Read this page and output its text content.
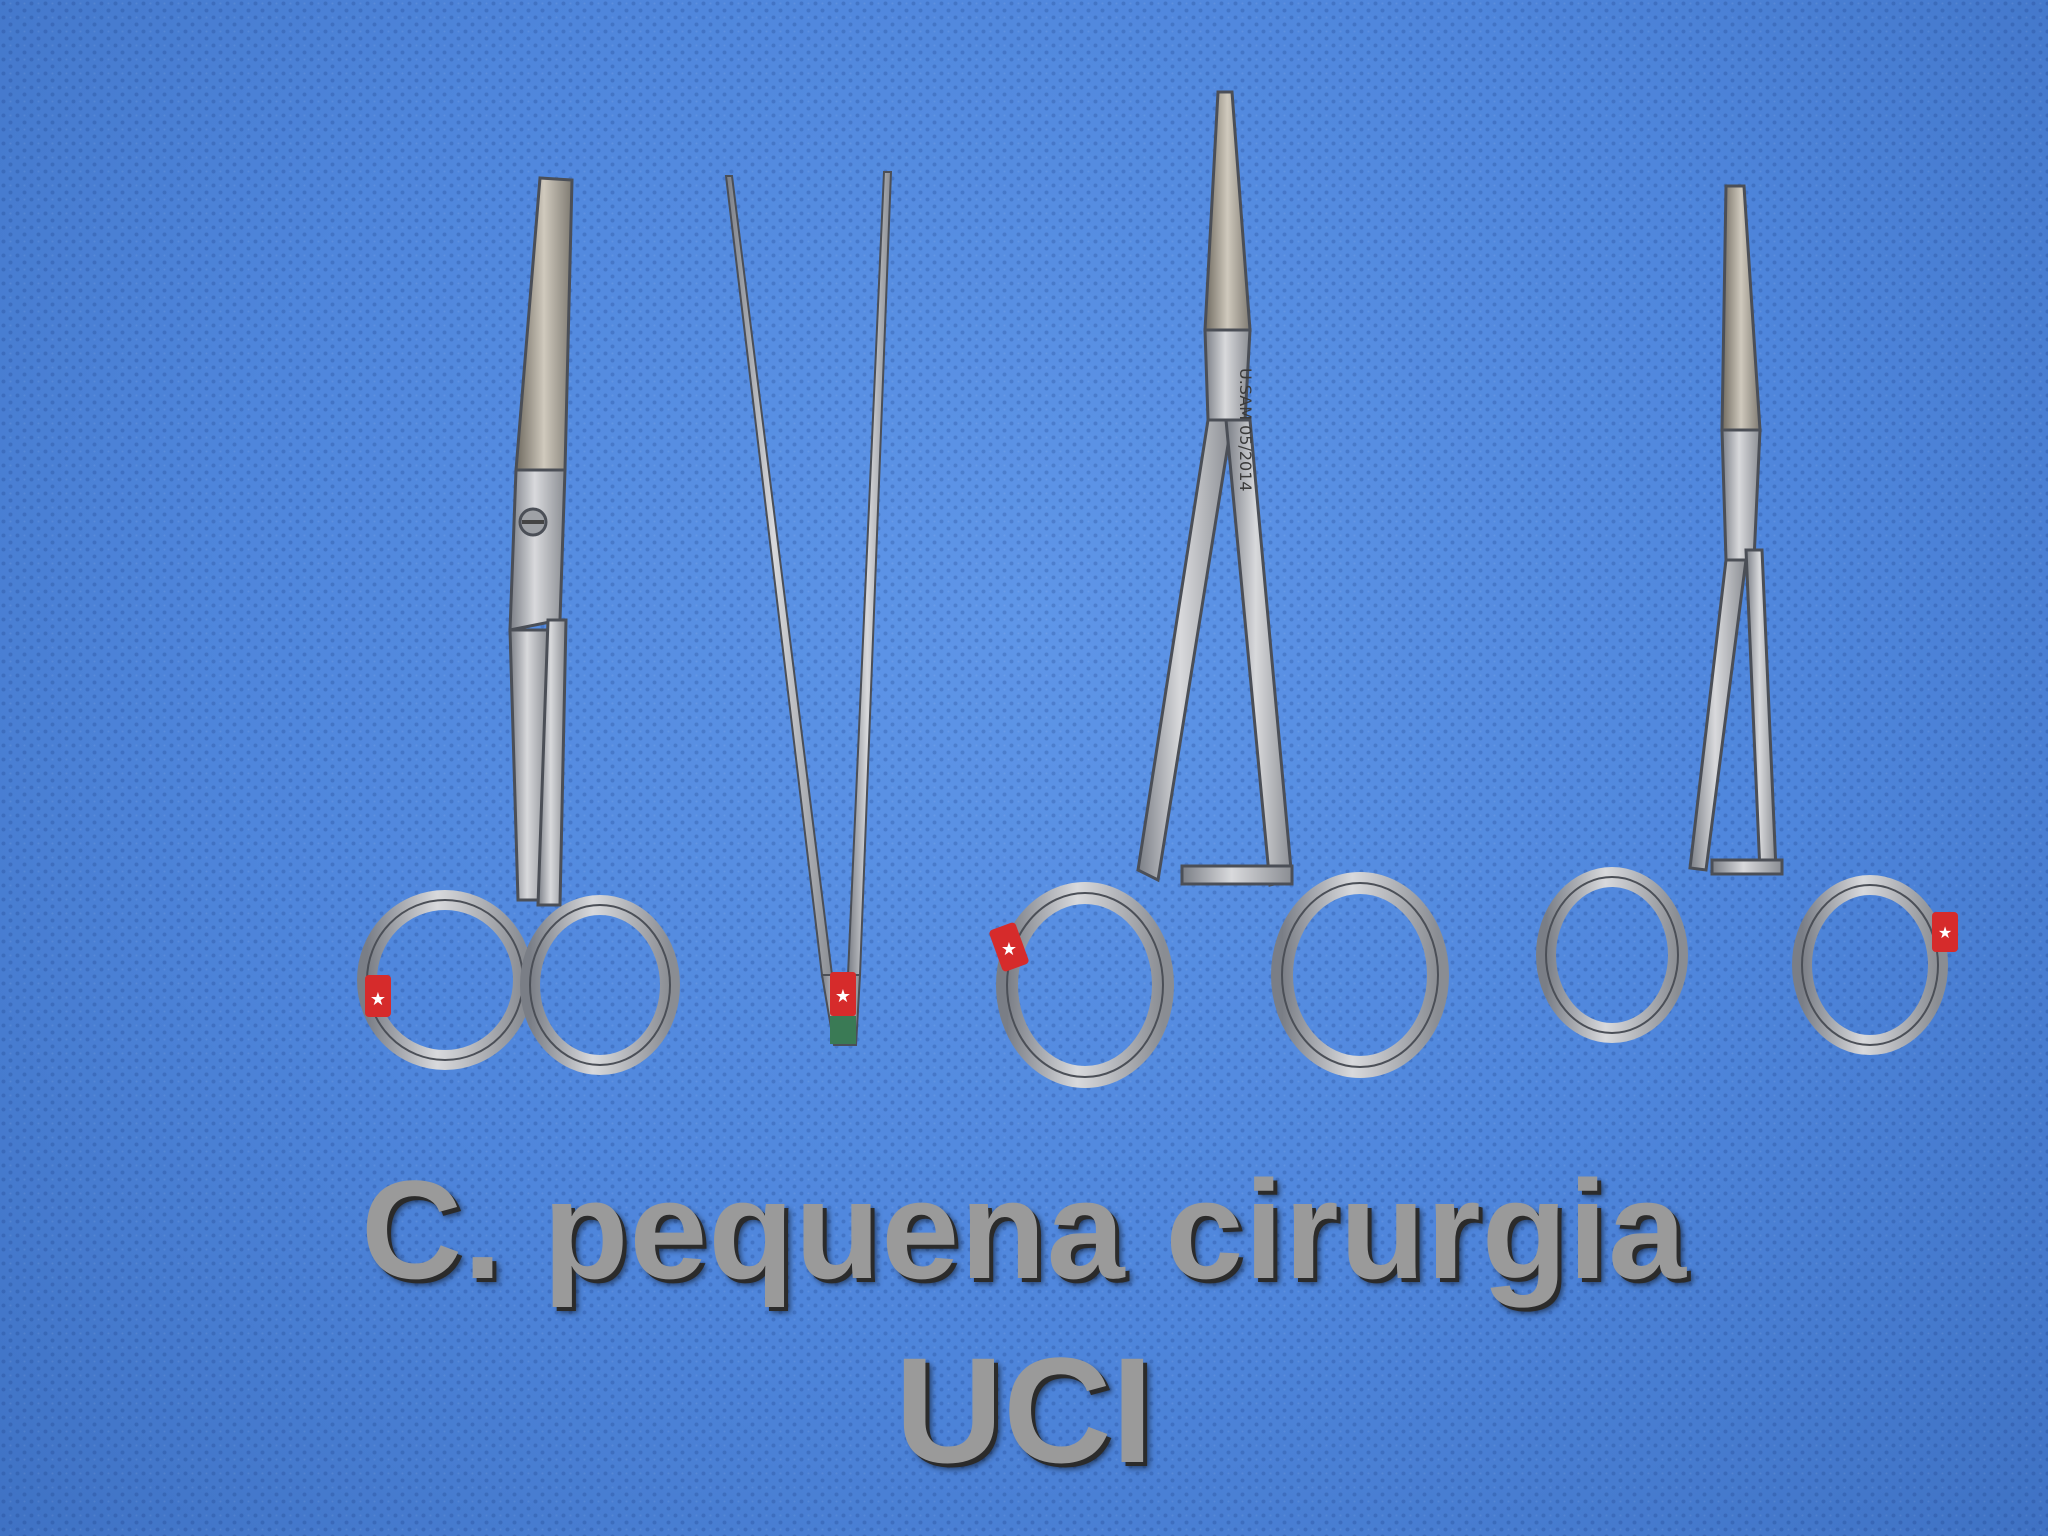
★	★
U.SAM 05/2014
★
★
C. pequena cirurgia
UCI
